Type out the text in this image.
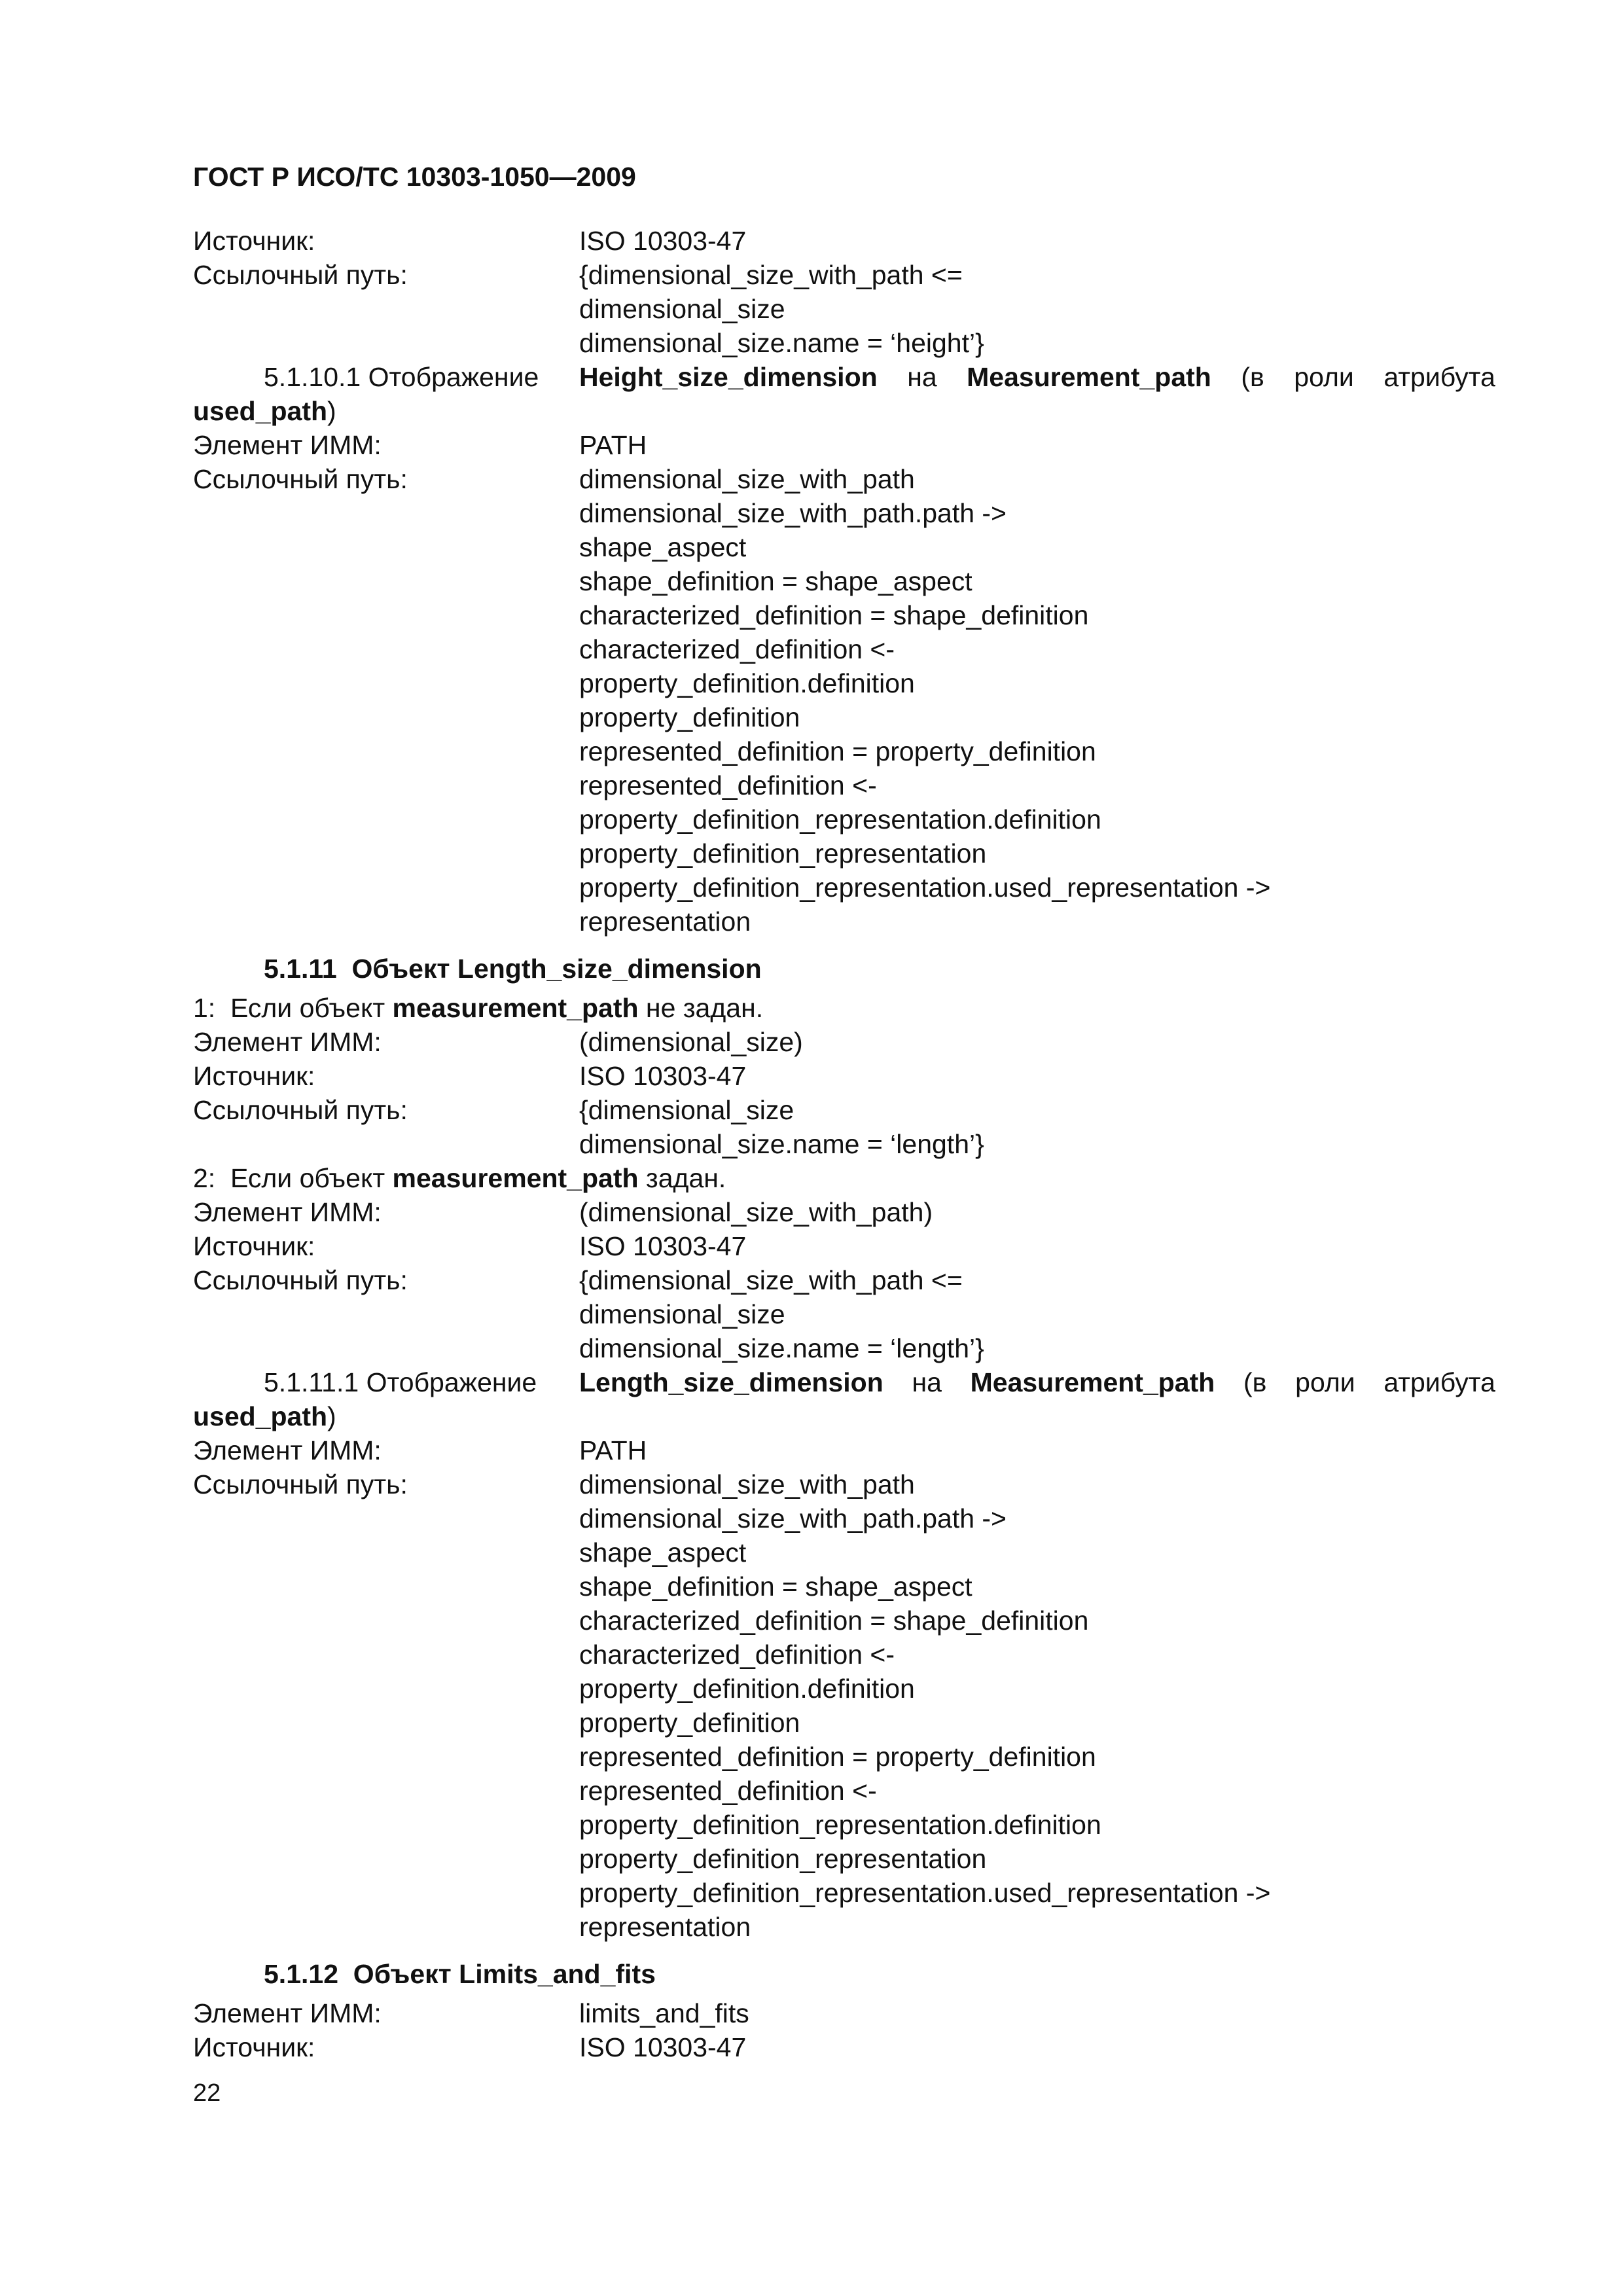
ГОСТ Р ИСО/ТС 10303-1050—2009
Источник:	ISO 10303-47
Ссылочный путь:	{dimensional_size_with_path <=
dimensional_size
dimensional_size.name = ‘height’}
5.1.10.1 Отображение	Height_size_dimension на Measurement_path (в роли атрибута
used_path)
Элемент ИММ:	PATH
Ссылочный путь:	dimensional_size_with_path
dimensional_size_with_path.path ->
shape_aspect
shape_definition = shape_aspect
characterized_definition = shape_definition
characterized_definition <-
property_definition.definition
property_definition
represented_definition = property_definition
represented_definition <-
property_definition_representation.definition
property_definition_representation
property_definition_representation.used_representation ->
representation
5.1.11 Объект Length_size_dimension
1: Если объект measurement_path не задан.
Элемент ИММ:	(dimensional_size)
Источник:	ISO 10303-47
Ссылочный путь:	{dimensional_size
dimensional_size.name = ‘length’}
2: Если объект measurement_path задан.
Элемент ИММ:	(dimensional_size_with_path)
Источник:	ISO 10303-47
Ссылочный путь:	{dimensional_size_with_path <=
dimensional_size
dimensional_size.name = ‘length’}
5.1.11.1 Отображение	Length_size_dimension на Measurement_path (в роли атрибута
used_path)
Элемент ИММ:	PATH
Ссылочный путь:	dimensional_size_with_path
dimensional_size_with_path.path ->
shape_aspect
shape_definition = shape_aspect
characterized_definition = shape_definition
characterized_definition <-
property_definition.definition
property_definition
represented_definition = property_definition
represented_definition <-
property_definition_representation.definition
property_definition_representation
property_definition_representation.used_representation ->
representation
5.1.12 Объект Limits_and_fits
Элемент ИММ:	limits_and_fits
Источник:	ISO 10303-47
22
